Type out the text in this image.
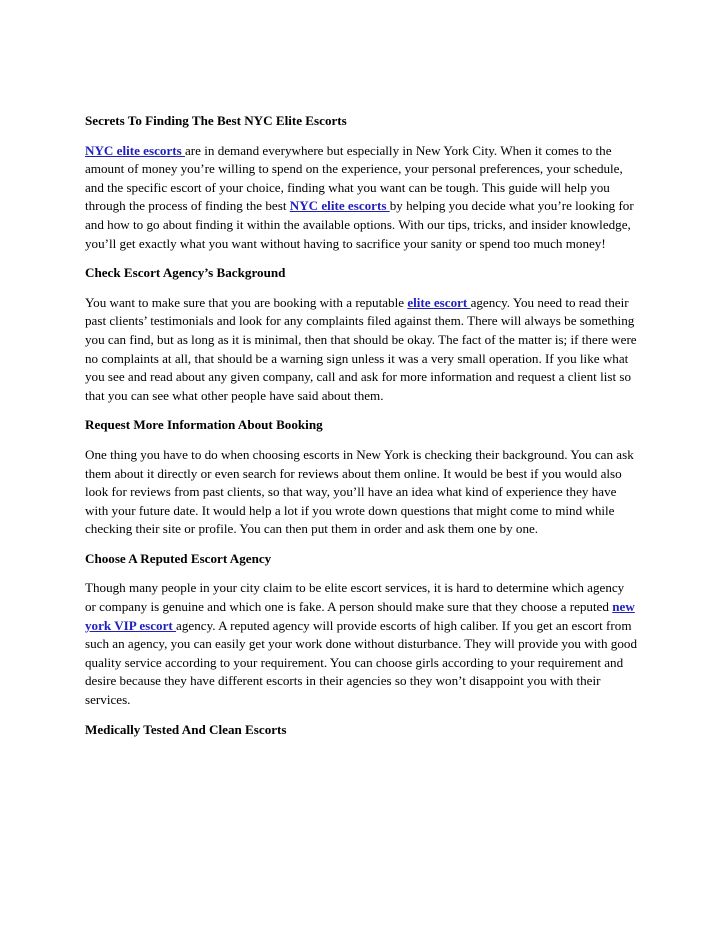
Secrets To Finding The Best NYC Elite Escorts

NYC elite escorts are in demand everywhere but especially in New York City. When it comes to the amount of money you’re willing to spend on the experience, your personal preferences, your schedule, and the specific escort of your choice, finding what you want can be tough. This guide will help you through the process of finding the best NYC elite escorts by helping you decide what you’re looking for and how to go about finding it within the available options. With our tips, tricks, and insider knowledge, you’ll get exactly what you want without having to sacrifice your sanity or spend too much money!

Check Escort Agency’s Background

You want to make sure that you are booking with a reputable elite escort agency. You need to read their past clients’ testimonials and look for any complaints filed against them. There will always be something you can find, but as long as it is minimal, then that should be okay. The fact of the matter is; if there were no complaints at all, that should be a warning sign unless it was a very small operation. If you like what you see and read about any given company, call and ask for more information and request a client list so that you can see what other people have said about them.

Request More Information About Booking

One thing you have to do when choosing escorts in New York is checking their background. You can ask them about it directly or even search for reviews about them online. It would be best if you would also look for reviews from past clients, so that way, you’ll have an idea what kind of experience they have with your future date. It would help a lot if you wrote down questions that might come to mind while checking their site or profile. You can then put them in order and ask them one by one.

Choose A Reputed Escort Agency

Though many people in your city claim to be elite escort services, it is hard to determine which agency or company is genuine and which one is fake. A person should make sure that they choose a reputed new york VIP escort agency. A reputed agency will provide escorts of high caliber. If you get an escort from such an agency, you can easily get your work done without disturbance. They will provide you with good quality service according to your requirement. You can choose girls according to your requirement and desire because they have different escorts in their agencies so they won’t disappoint you with their services.

Medically Tested And Clean Escorts
